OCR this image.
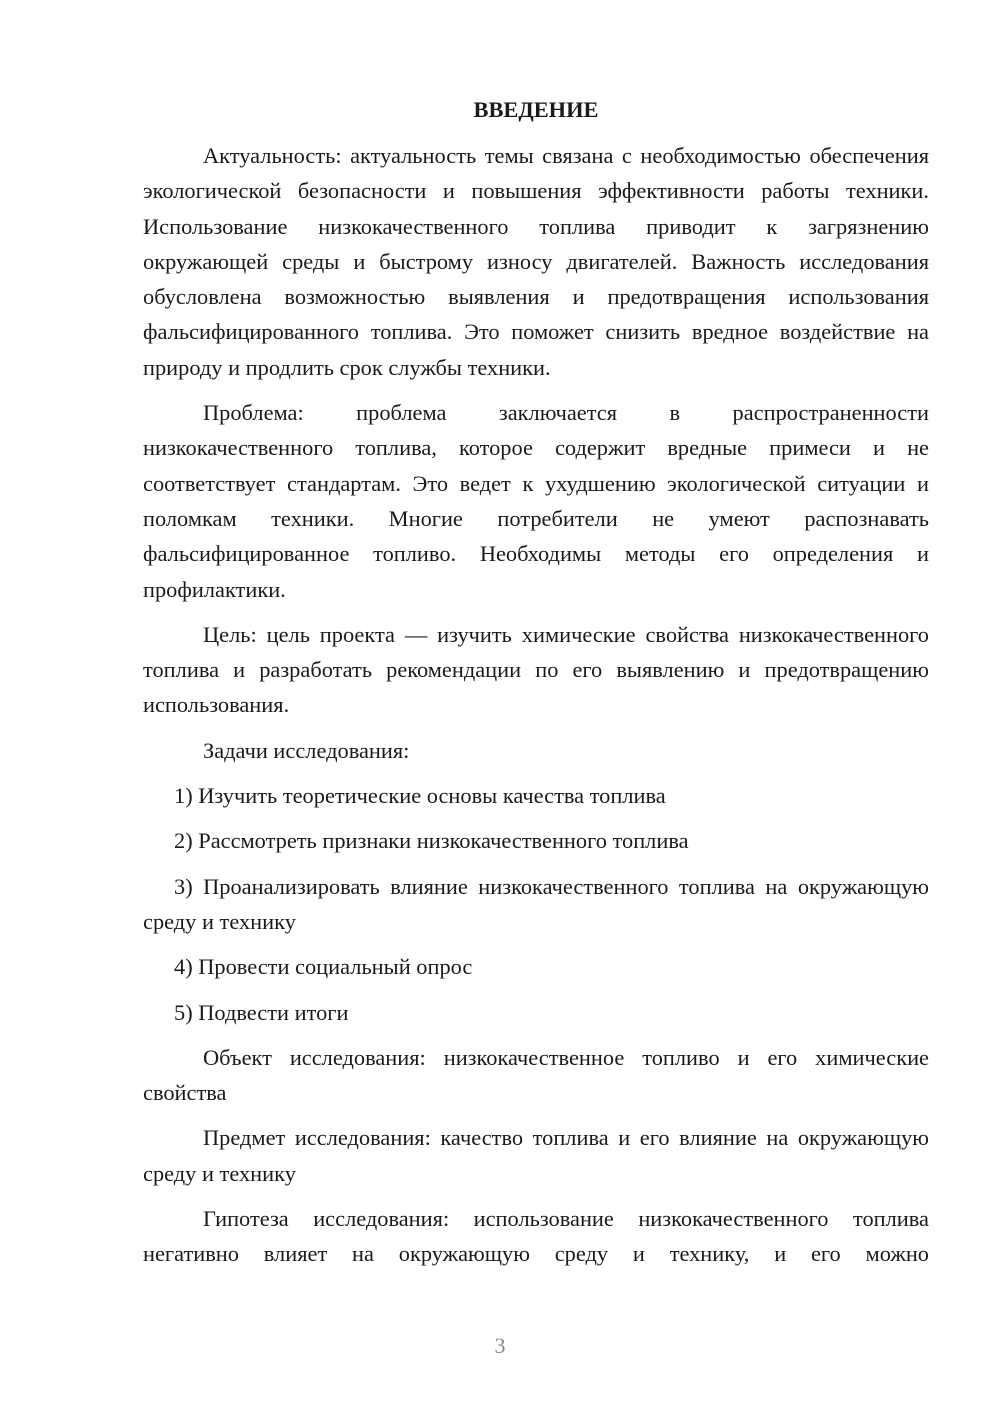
ВВЕДЕНИЕ

Актуальность: актуальность темы связана с необходимостью обеспечения экологической безопасности и повышения эффективности работы техники. Использование низкокачественного топлива приводит к загрязнению окружающей среды и быстрому износу двигателей. Важность исследования обусловлена возможностью выявления и предотвращения использования фальсифицированного топлива. Это поможет снизить вредное воздействие на природу и продлить срок службы техники.

Проблема: проблема заключается в распространенности низкокачественного топлива, которое содержит вредные примеси и не соответствует стандартам. Это ведет к ухудшению экологической ситуации и поломкам техники. Многие потребители не умеют распознавать фальсифицированное топливо. Необходимы методы его определения и профилактики.

Цель: цель проекта — изучить химические свойства низкокачественного топлива и разработать рекомендации по его выявлению и предотвращению использования.

Задачи исследования:

1) Изучить теоретические основы качества топлива

2) Рассмотреть признаки низкокачественного топлива

3) Проанализировать влияние низкокачественного топлива на окружающую среду и технику

4) Провести социальный опрос

5) Подвести итоги

Объект исследования: низкокачественное топливо и его химические свойства

Предмет исследования: качество топлива и его влияние на окружающую среду и технику

Гипотеза исследования: использование низкокачественного топлива негативно влияет на окружающую среду и технику, и его можно

3
